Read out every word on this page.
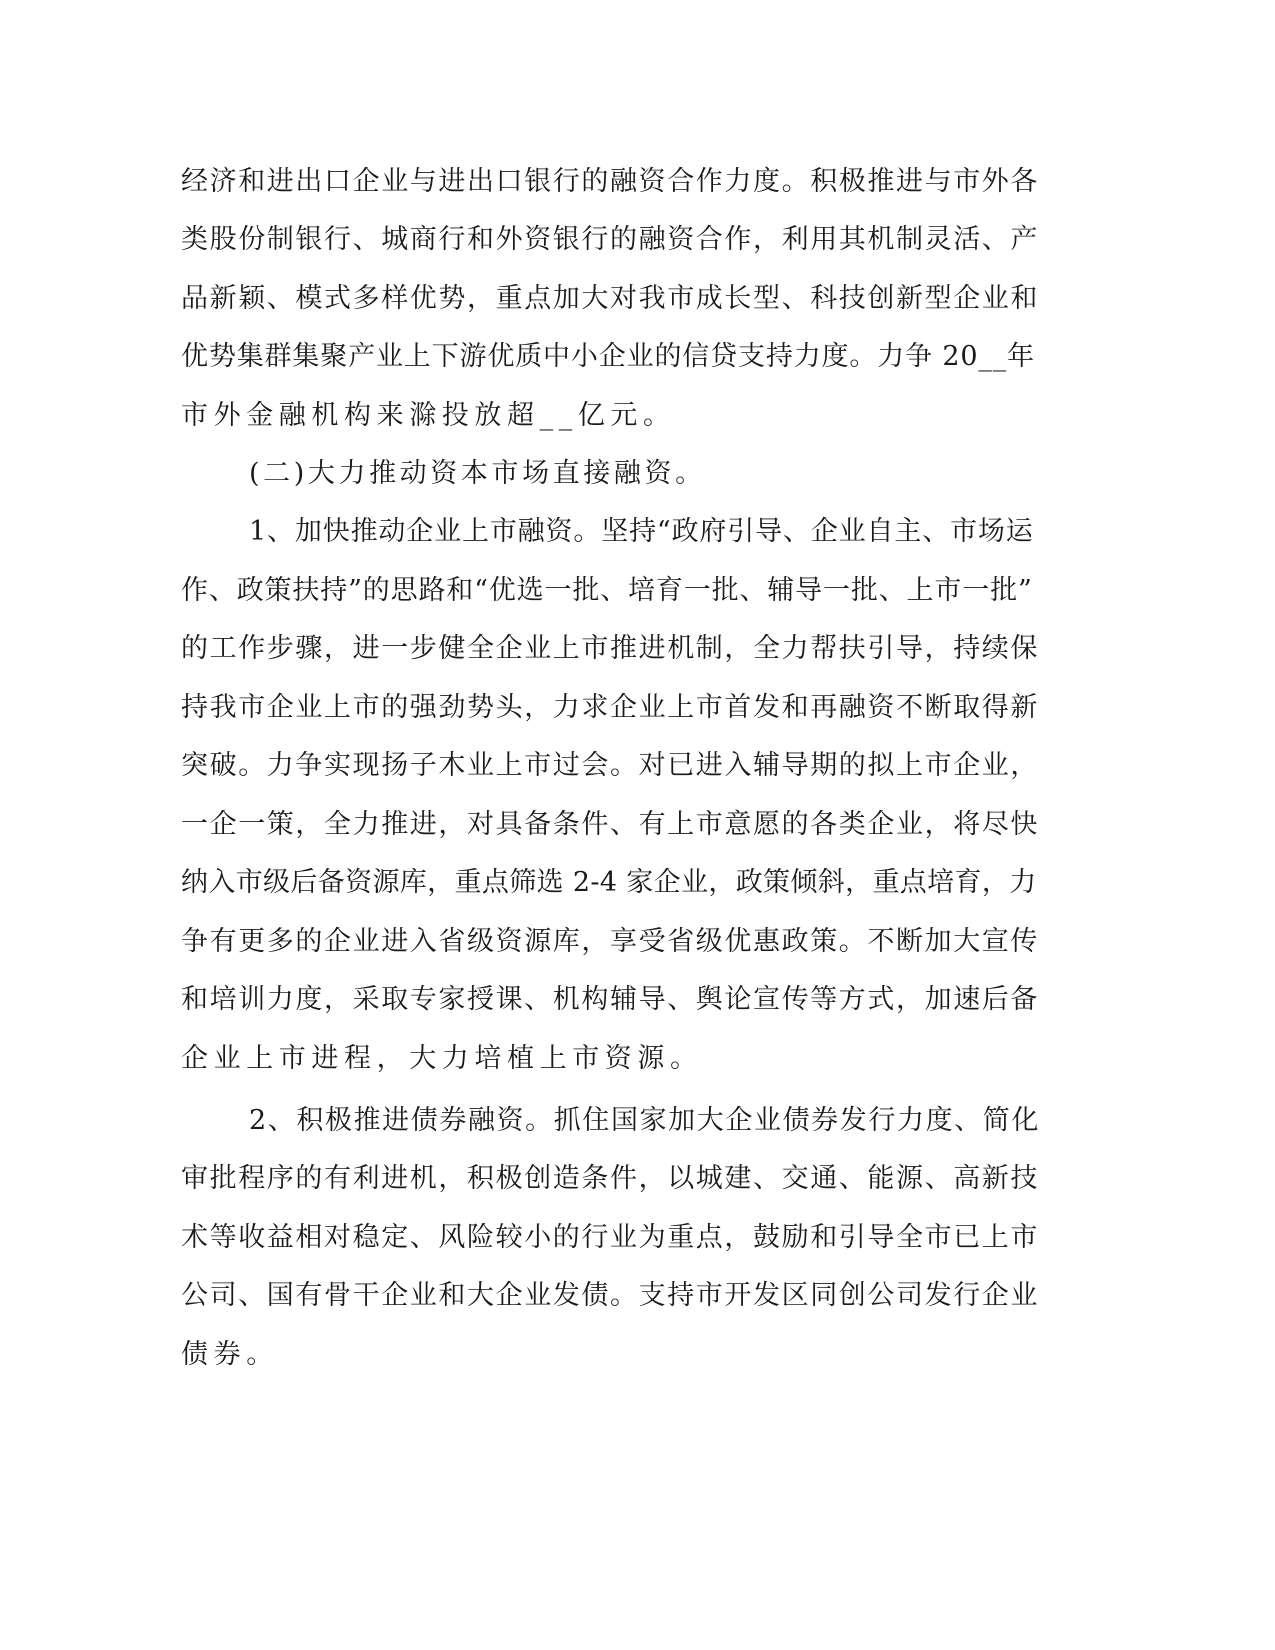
经济和进出口企业与进出口银行的融资合作力度。积极推进与市外各
类股份制银行、城商行和外资银行的融资合作，利用其机制灵活、产
品新颖、模式多样优势，重点加大对我市成长型、科技创新型企业和
优势集群集聚产业上下游优质中小企业的信贷支持力度。力争 20__年
市外金融机构来滁投放超__亿元。
(二)大力推动资本市场直接融资。
1、加快推动企业上市融资。坚持“政府引导、企业自主、市场运
作、政策扶持”的思路和“优选一批、培育一批、辅导一批、上市一批”
的工作步骤，进一步健全企业上市推进机制，全力帮扶引导，持续保
持我市企业上市的强劲势头，力求企业上市首发和再融资不断取得新
突破。力争实现扬子木业上市过会。对已进入辅导期的拟上市企业，
一企一策，全力推进，对具备条件、有上市意愿的各类企业，将尽快
纳入市级后备资源库，重点筛选 2-4 家企业，政策倾斜，重点培育，力
争有更多的企业进入省级资源库，享受省级优惠政策。不断加大宣传
和培训力度，采取专家授课、机构辅导、舆论宣传等方式，加速后备
企业上市进程，大力培植上市资源。
2、积极推进债券融资。抓住国家加大企业债券发行力度、简化
审批程序的有利进机，积极创造条件，以城建、交通、能源、高新技
术等收益相对稳定、风险较小的行业为重点，鼓励和引导全市已上市
公司、国有骨干企业和大企业发债。支持市开发区同创公司发行企业
债券。
